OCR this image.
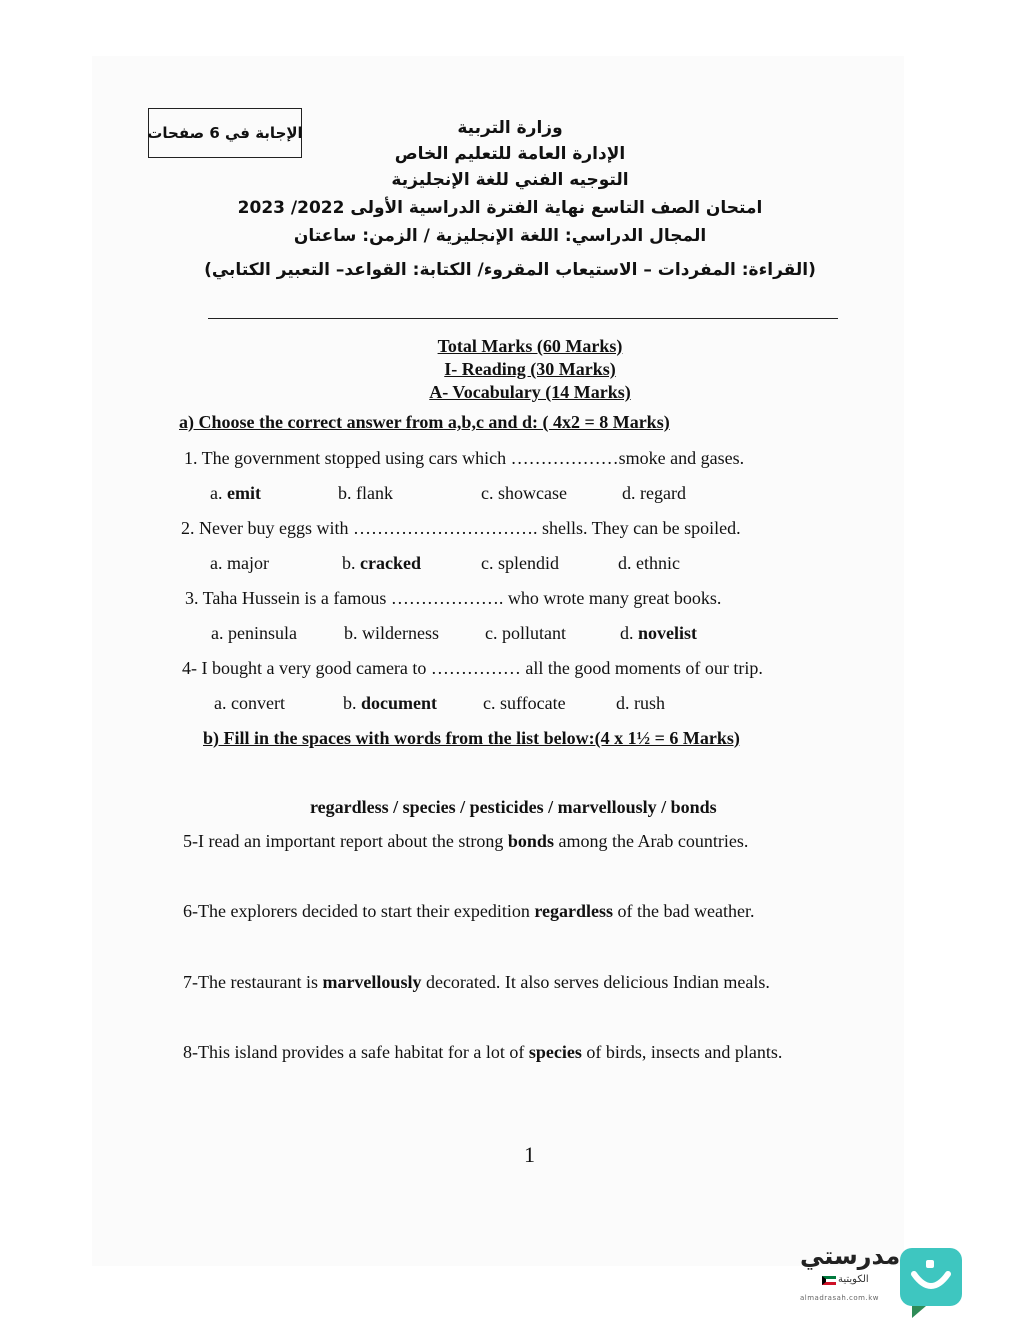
الإجابة في 6 صفحات	وزارة التربية
الإدارة العامة للتعليم الخاص
التوجيه الفني للغة الإنجليزية
امتحان الصف التاسع نهاية الفترة الدراسية الأولى 2022/ 2023
المجال الدراسي: اللغة الإنجليزية / الزمن: ساعتان
(القراءة: المفردات – الاستيعاب المقروء/ الكتابة: القواعد– التعبير الكتابي)
Total Marks (60 Marks)
I- Reading (30 Marks)
A- Vocabulary (14 Marks)
a) Choose the correct answer from a,b,c and d: ( 4x2 = 8 Marks)
1. The government stopped using cars which ………………smoke and gases.
a. emit	b. flank	c. showcase	d. regard
2. Never buy eggs with …………………………. shells. They can be spoiled.
a. major	b. cracked	c. splendid	d. ethnic
3. Taha Hussein is a famous ………………. who wrote many great books.
a. peninsula	b. wilderness	c. pollutant	d. novelist
4- I bought a very good camera to …………… all the good moments of our trip.
a. convert	b. document	c. suffocate	d. rush
b) Fill in the spaces with words from the list below:(4 x 1½ = 6 Marks)
regardless / species / pesticides / marvellously / bonds
5-I read an important report about the strong bonds among the Arab countries.
6-The explorers decided to start their expedition regardless of the bad weather.
7-The restaurant is marvellously decorated. It also serves delicious Indian meals.
8-This island provides a safe habitat for a lot of species of birds, insects and plants.
1
مدرستي
الكويتية
almadrasah.com.kw
